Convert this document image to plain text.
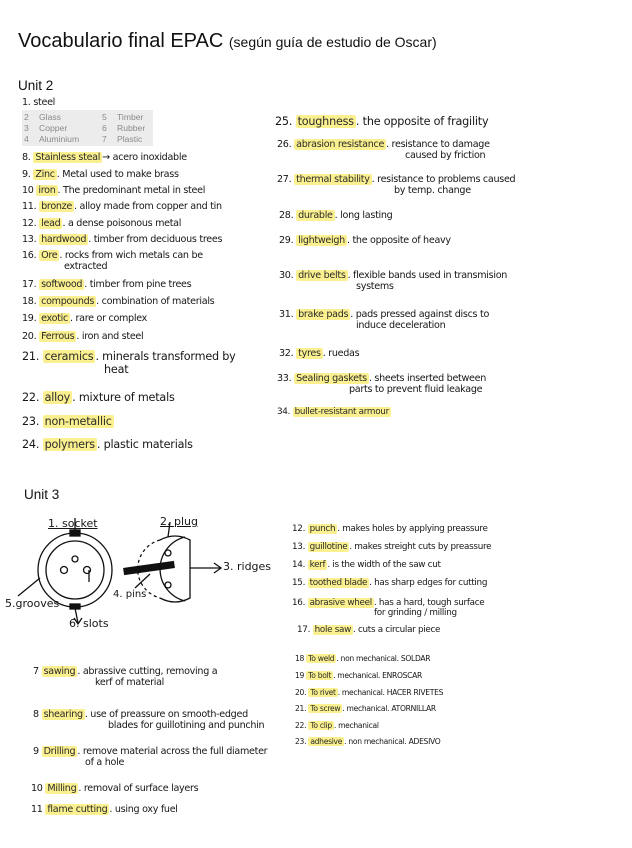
Vocabulario final EPAC (según guía de estudio de Oscar)
Unit 2
1. steel
2 Glass
3 Copper
4 Aluminium
5 Timber
6 Rubber
7 Plastic
8. Stainless steal → acero inoxidable
9. Zinc . Metal used to make brass
10 iron . The predominant metal in steel
11. bronze . alloy made from copper and tin
12. lead . a dense poisonous metal
13. hardwood . timber from deciduous trees
16. Ore . rocks from wich metals can be
extracted
17. softwood . timber from pine trees
18. compounds . combination of materials
19. exotic . rare or complex
20. Ferrous . iron and steel
21. ceramics . minerals transformed by
heat
22. alloy . mixture of metals
23. non-metallic
24. polymers . plastic materials
25. toughness . the opposite of fragility
26. abrasion resistance . resistance to damage
caused by friction
27. thermal stability . resistance to problems caused
by temp. change
28. durable . long lasting
29. lightweigh . the opposite of heavy
30. drive belts . flexible bands used in transmision
systems
31. brake pads . pads pressed against discs to
induce deceleration
32. tyres . ruedas
33. Sealing gaskets . sheets inserted between
parts to prevent fluid leakage
34. bullet-resistant armour
Unit 3
1. socket	2. plug
3. ridges
4. pins
5.grooves
6. slots
7 sawing . abrassive cutting, removing a
kerf of material
8 shearing . use of preassure on smooth-edged
blades for guillotining and punchin
9 Drilling . remove material across the full diameter
of a hole
10 Milling . removal of surface layers
11 flame cutting . using oxy fuel
12. punch . makes holes by applying preassure
13. guillotine . makes streight cuts by preassure
14. kerf . is the width of the saw cut
15. toothed blade . has sharp edges for cutting
16. abrasive wheel . has a hard, tough surface
for grinding / milling
17. hole saw . cuts a circular piece
18 To weld . non mechanical. SOLDAR
19 To bolt . mechanical. ENROSCAR
20. To rivet . mechanical. HACER RIVETES
21. To screw . mechanical. ATORNILLAR
22. To clip . mechanical
23. adhesive . non mechanical. ADESIVO
